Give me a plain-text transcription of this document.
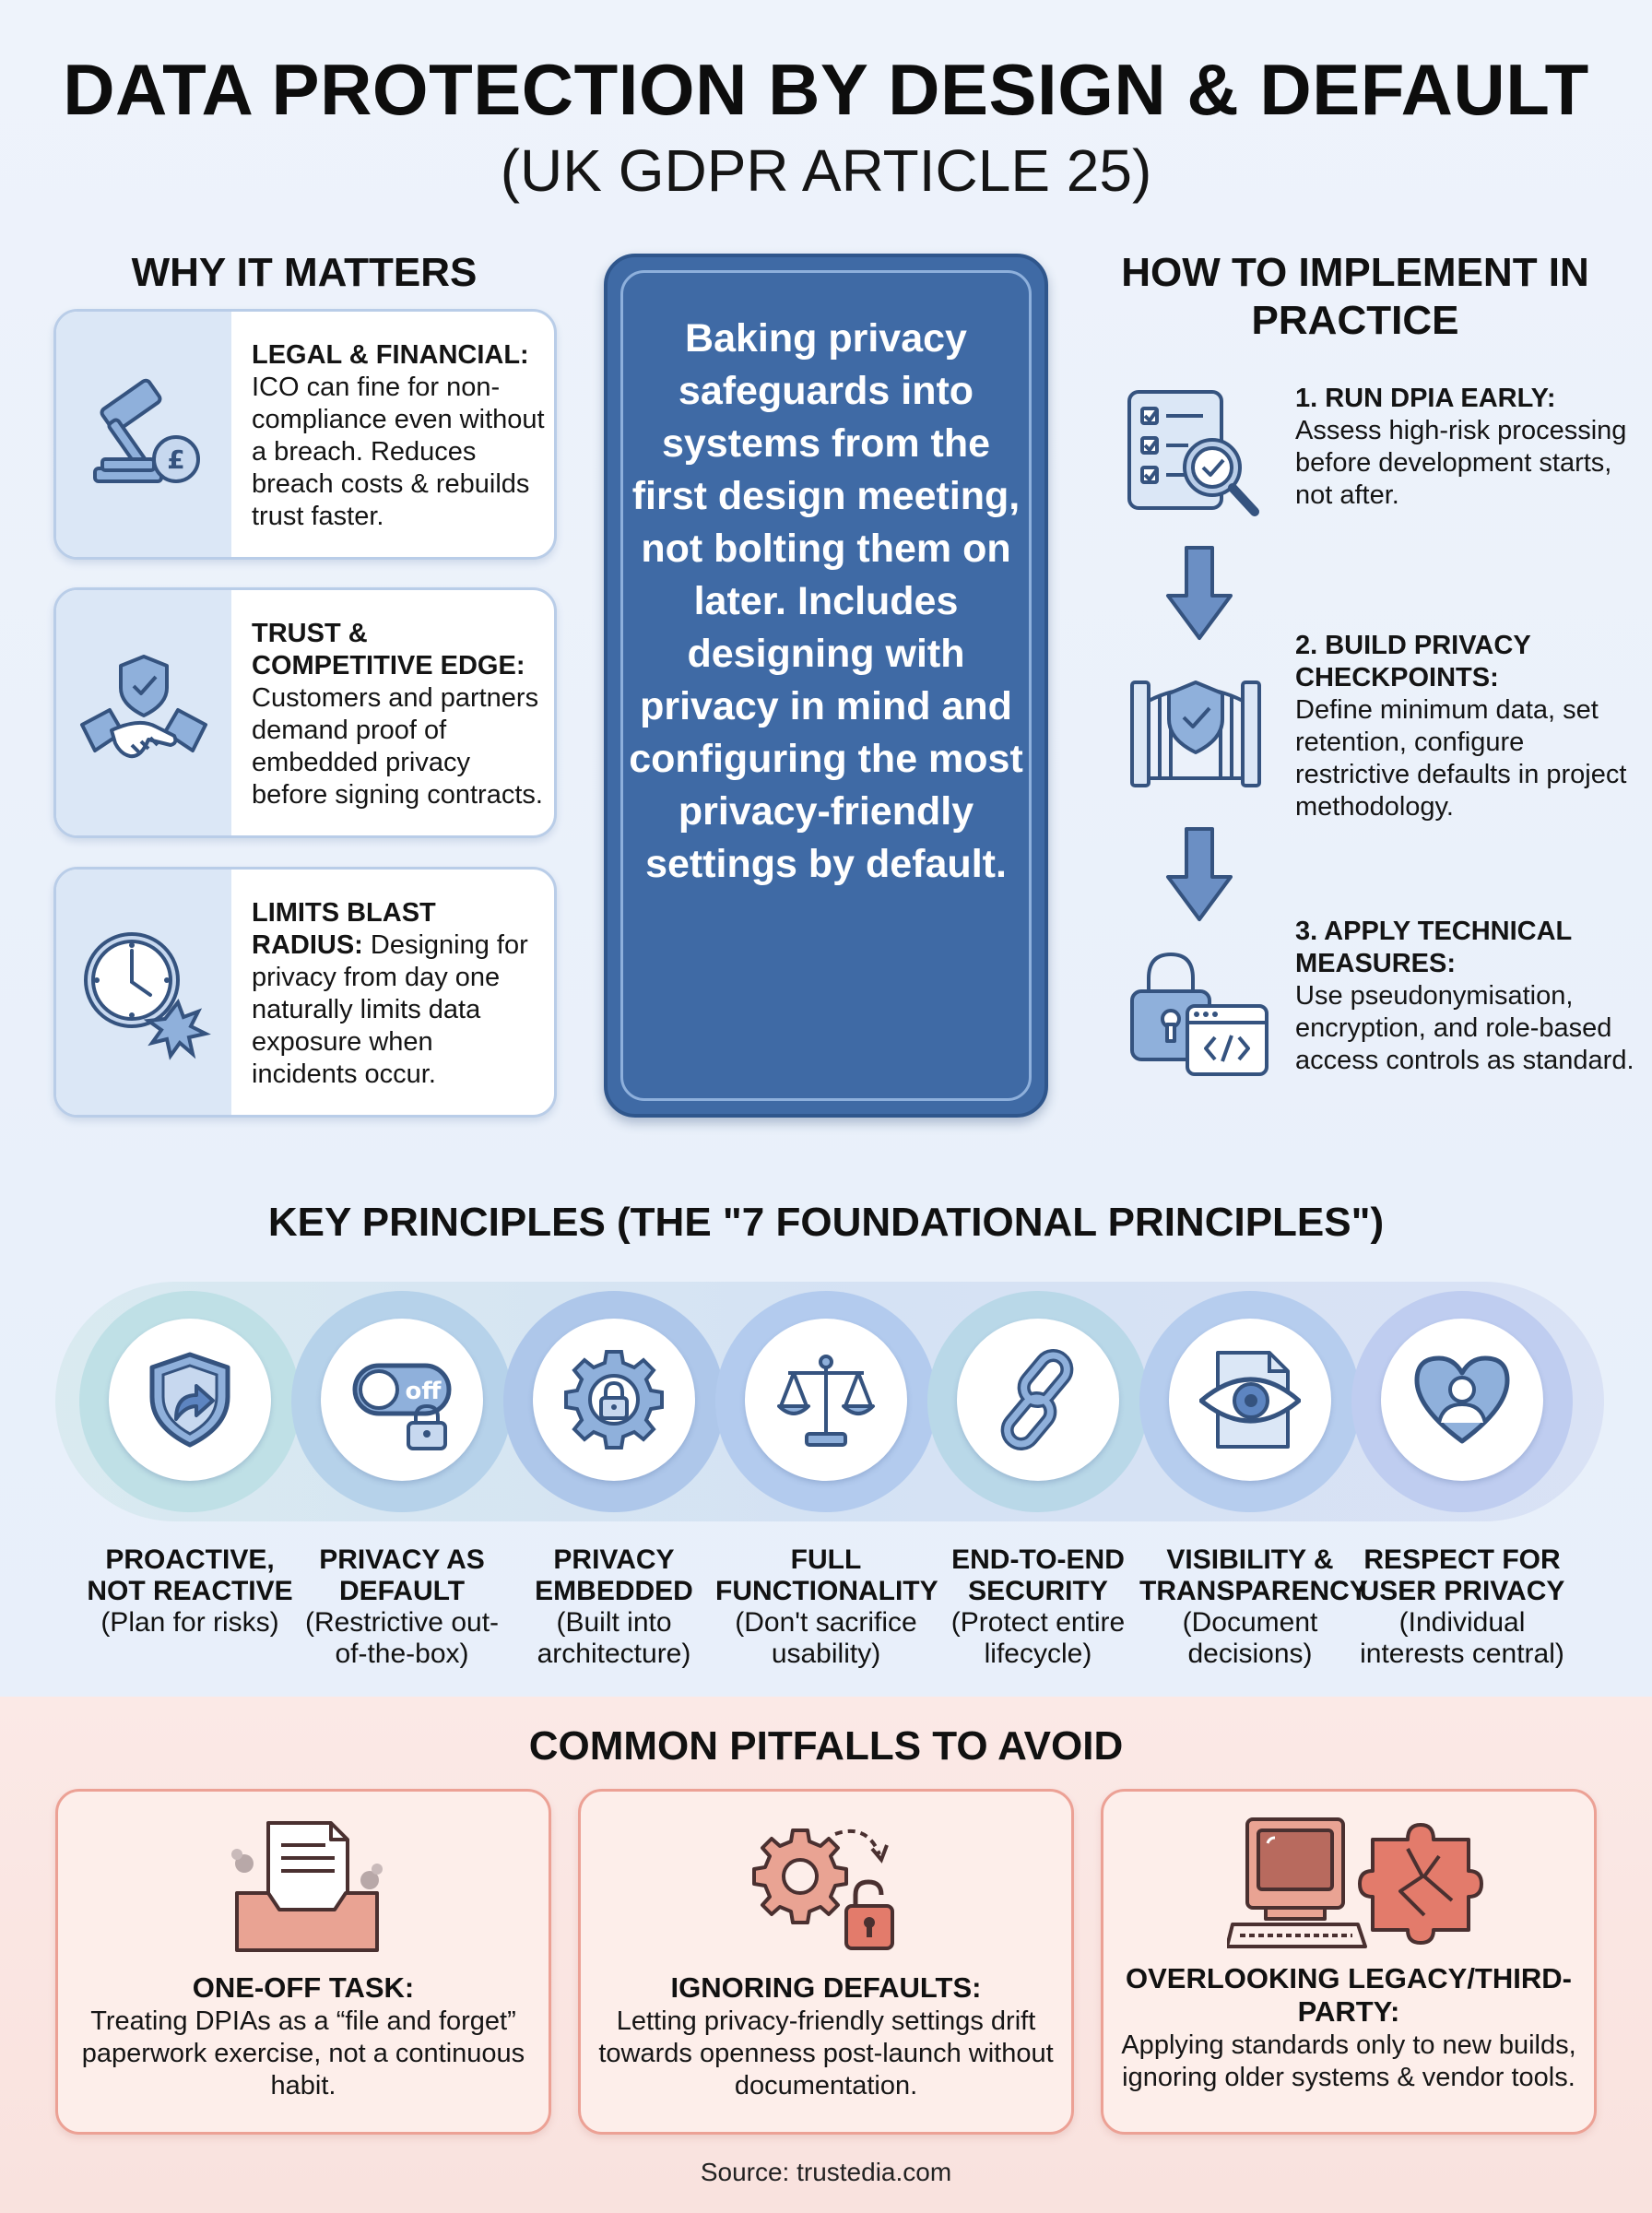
DATA PROTECTION BY DESIGN & DEFAULT
(UK GDPR ARTICLE 25)
WHY IT MATTERS
£
LEGAL & FINANCIAL:
ICO can fine for non-compliance even without a breach. Reduces breach costs & rebuilds trust faster.
TRUST & COMPETITIVE EDGE:
Customers and partners demand proof of embedded privacy before signing contracts.
LIMITS BLAST RADIUS: Designing for privacy from day one naturally limits data exposure when incidents occur.
Baking privacy safeguards into systems from the first design meeting, not bolting them on later. Includes designing with privacy in mind and configuring the most privacy-friendly settings by default.
HOW TO IMPLEMENT IN PRACTICE
1. RUN DPIA EARLY:
Assess high-risk processing before development starts, not after.
2. BUILD PRIVACY CHECKPOINTS:
Define minimum data, set retention, configure restrictive defaults in project methodology.
3. APPLY TECHNICAL MEASURES:
Use pseudonymisation, encryption, and role-based access controls as standard.
KEY PRINCIPLES (THE "7 FOUNDATIONAL PRINCIPLES")
off
PROACTIVE, NOT REACTIVE
(Plan for risks)
PRIVACY AS DEFAULT
(Restrictive out-of-the-box)
PRIVACY EMBEDDED
(Built into architecture)
FULL FUNCTIONALITY
(Don't sacrifice usability)
END-TO-END SECURITY
(Protect entire lifecycle)
VISIBILITY & TRANSPARENCY
(Document decisions)
RESPECT FOR USER PRIVACY
(Individual interests central)
COMMON PITFALLS TO AVOID
ONE-OFF TASK:
Treating DPIAs as a “file and forget” paperwork exercise, not a continuous habit.
IGNORING DEFAULTS:
Letting privacy-friendly settings drift towards openness post-launch without documentation.
OVERLOOKING LEGACY/THIRD-PARTY:
Applying standards only to new builds, ignoring older systems & vendor tools.
Source: trustedia.com
